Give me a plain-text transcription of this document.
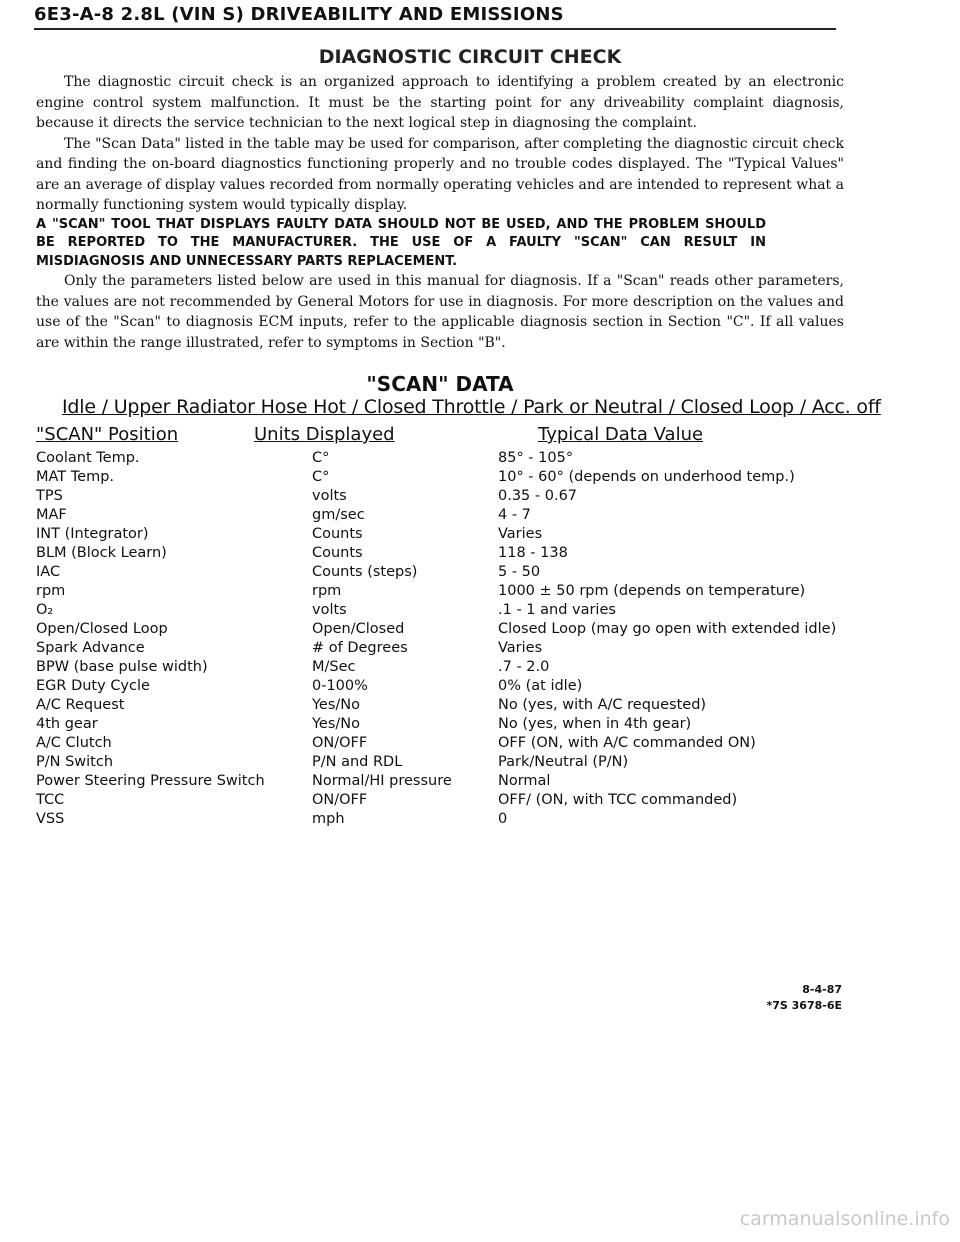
6E3-A-8 2.8L (VIN S) DRIVEABILITY AND EMISSIONS
DIAGNOSTIC CIRCUIT CHECK

The diagnostic circuit check is an organized approach to identifying a problem created by an electronic engine control system malfunction. It must be the starting point for any driveability complaint diagnosis, because it directs the service technician to the next logical step in diagnosing the complaint.

The "Scan Data" listed in the table may be used for comparison, after completing the diagnostic circuit check and finding the on-board diagnostics functioning properly and no trouble codes displayed. The "Typical Values" are an average of display values recorded from normally operating vehicles and are intended to represent what a normally functioning system would typically display.

A "SCAN" TOOL THAT DISPLAYS FAULTY DATA SHOULD NOT BE USED, AND THE PROBLEM SHOULD BE REPORTED TO THE MANUFACTURER. THE USE OF A FAULTY "SCAN" CAN RESULT IN MISDIAGNOSIS AND UNNECESSARY PARTS REPLACEMENT.

Only the parameters listed below are used in this manual for diagnosis. If a "Scan" reads other parameters, the values are not recommended by General Motors for use in diagnosis. For more description on the values and use of the "Scan" to diagnosis ECM inputs, refer to the applicable diagnosis section in Section "C". If all values are within the range illustrated, refer to symptoms in Section "B".

"SCAN" DATA
Idle / Upper Radiator Hose Hot / Closed Throttle / Park or Neutral / Closed Loop / Acc. off
"SCAN" Position	Units Displayed	Typical Data Value
Coolant Temp.	C°	85° - 105°
MAT Temp.	C°	10° - 60° (depends on underhood temp.)
TPS	volts	0.35 - 0.67
MAF	gm/sec	4 - 7
INT (Integrator)	Counts	Varies
BLM (Block Learn)	Counts	118 - 138
IAC	Counts (steps)	5 - 50
rpm	rpm	1000 ± 50 rpm (depends on temperature)
O₂	volts	.1 - 1 and varies
Open/Closed Loop	Open/Closed	Closed Loop (may go open with extended idle)
Spark Advance	# of Degrees	Varies
BPW (base pulse width)	M/Sec	.7 - 2.0
EGR Duty Cycle	0-100%	0% (at idle)
A/C Request	Yes/No	No (yes, with A/C requested)
4th gear	Yes/No	No (yes, when in 4th gear)
A/C Clutch	ON/OFF	OFF (ON, with A/C commanded ON)
P/N Switch	P/N and RDL	Park/Neutral (P/N)
Power Steering Pressure Switch	Normal/HI pressure	Normal
TCC	ON/OFF	OFF/ (ON, with TCC commanded)
VSS	mph	0
8-4-87
*7S 3678-6E
carmanualsonline.info
